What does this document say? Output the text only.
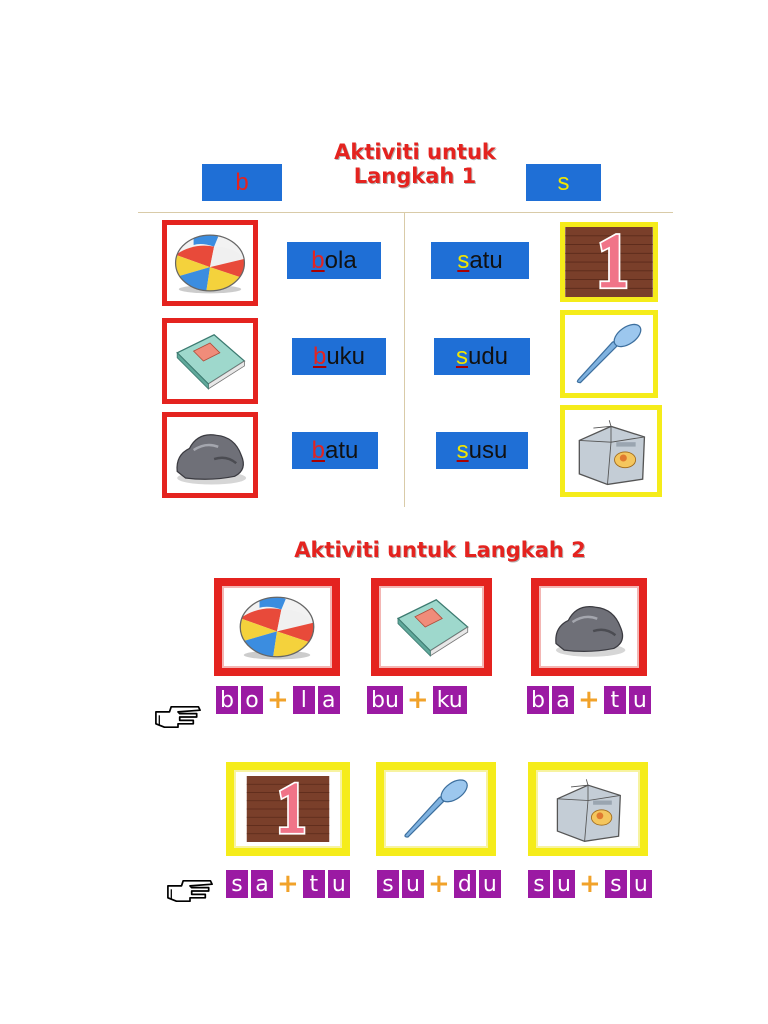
Aktiviti untuk
Langkah 1
b	s
b ola
b uku
b atu
s atu
s udu
s usu
Aktiviti untuk Langkah 2
b o + l a bu + ku	b a + t u
s a + t u s u + d u s u + s u
